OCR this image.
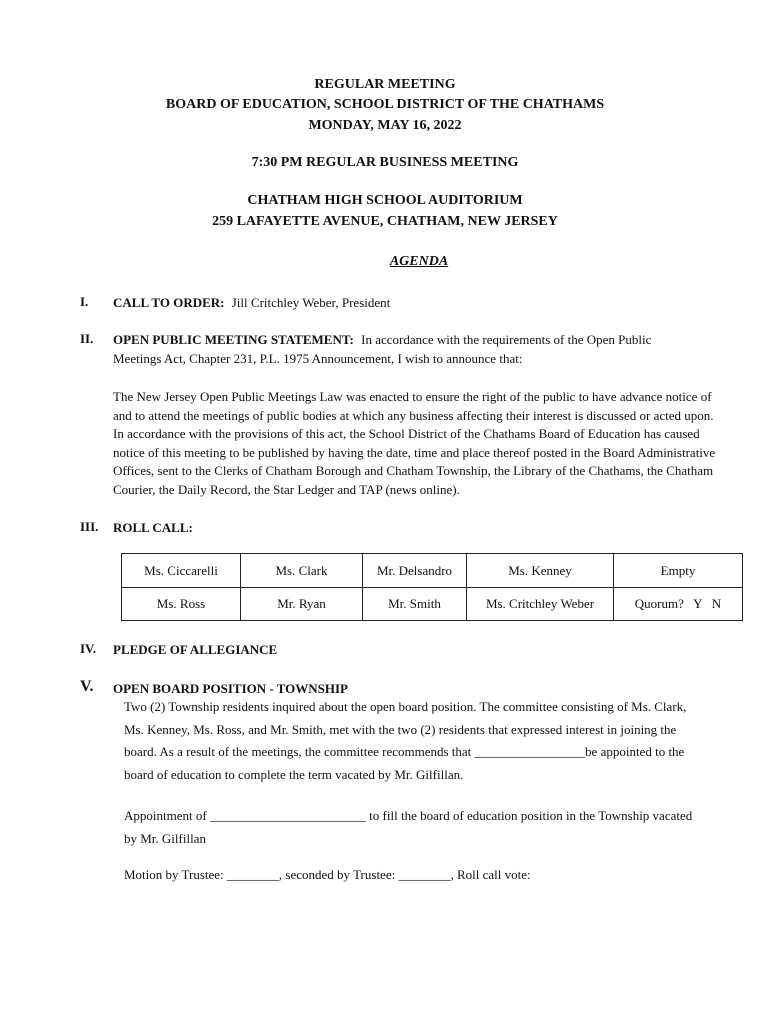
REGULAR MEETING
BOARD OF EDUCATION, SCHOOL DISTRICT OF THE CHATHAMS
MONDAY, MAY 16, 2022
7:30 PM REGULAR BUSINESS MEETING
CHATHAM HIGH SCHOOL AUDITORIUM
259 LAFAYETTE AVENUE, CHATHAM, NEW JERSEY
AGENDA
I. CALL TO ORDER: Jill Critchley Weber, President
II. OPEN PUBLIC MEETING STATEMENT: In accordance with the requirements of the Open Public Meetings Act, Chapter 231, P.L. 1975 Announcement, I wish to announce that:
The New Jersey Open Public Meetings Law was enacted to ensure the right of the public to have advance notice of and to attend the meetings of public bodies at which any business affecting their interest is discussed or acted upon. In accordance with the provisions of this act, the School District of the Chathams Board of Education has caused notice of this meeting to be published by having the date, time and place thereof posted in the Board Administrative Offices, sent to the Clerks of Chatham Borough and Chatham Township, the Library of the Chathams, the Chatham Courier, the Daily Record, the Star Ledger and TAP (news online).
III. ROLL CALL:
Ms. Ciccarelli	Ms. Clark	Mr. Delsandro	Ms. Kenney	Empty
Ms. Ross	Mr. Ryan	Mr. Smith	Ms. Critchley Weber	Quorum?   Y   N
IV. PLEDGE OF ALLEGIANCE
V. OPEN BOARD POSITION - TOWNSHIP
Two (2) Township residents inquired about the open board position. The committee consisting of Ms. Clark, Ms. Kenney, Ms. Ross, and Mr. Smith, met with the two (2) residents that expressed interest in joining the board. As a result of the meetings, the committee recommends that _________________be appointed to the board of education to complete the term vacated by Mr. Gilfillan.
Appointment of ________________________ to fill the board of education position in the Township vacated by Mr. Gilfillan
Motion by Trustee: ________, seconded by Trustee: ________, Roll call vote:
